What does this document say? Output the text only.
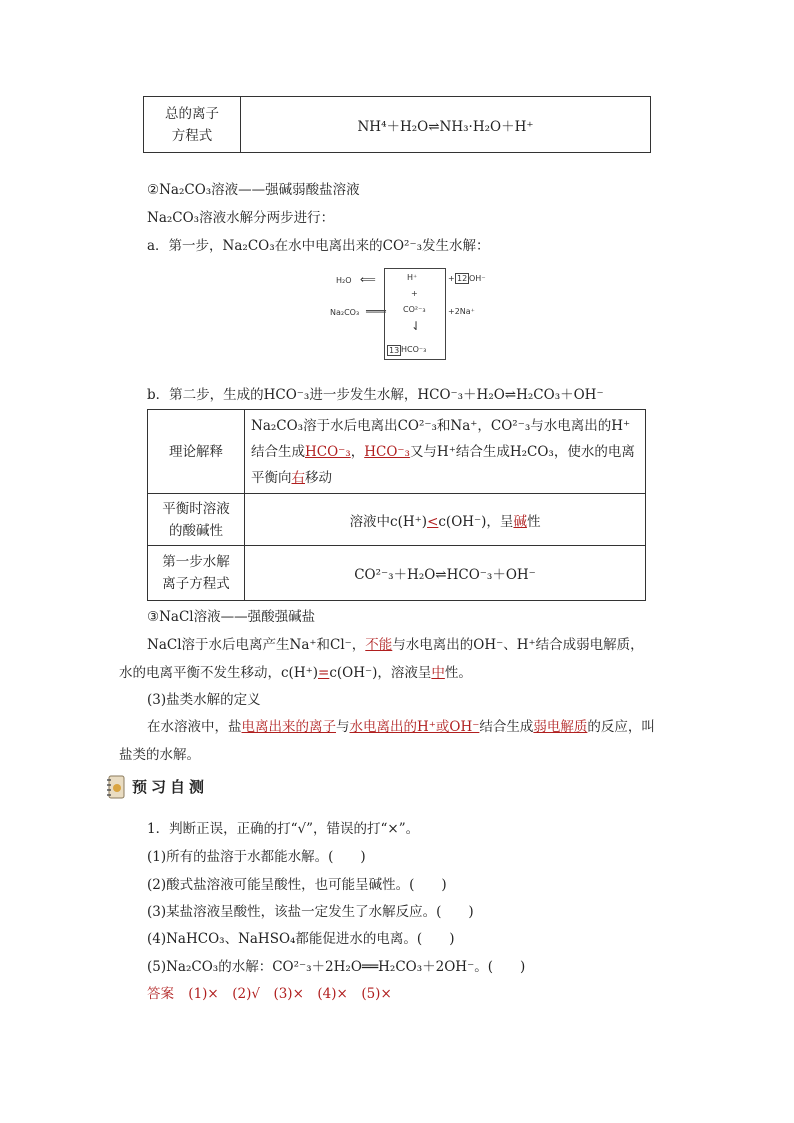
总的离子
方程式
	NH⁴＋H₂O⇌NH₃·H₂O＋H⁺
②Na₂CO₃溶液——强碱弱酸盐溶液
Na₂CO₃溶液水解分两步进行：
a．第一步，Na₂CO₃在水中电离出来的CO²⁻₃发生水解：
H₂O ⟸
Na₂CO₃ ═══
H⁺
+
CO²⁻₃
⇃
13 HCO⁻₃
+ 12 OH⁻
+2Na⁺
b．第二步，生成的HCO⁻₃进一步发生水解，HCO⁻₃＋H₂O⇌H₂CO₃＋OH⁻
理论解释	Na₂CO₃溶于水后电离出CO²⁻₃和Na⁺，CO²⁻₃与水电离出的H⁺
结合生成HCO⁻₃，HCO⁻₃又与H⁺结合生成H₂CO₃，使水的电离
平衡向右移动

平衡时溶液
的酸碱性	溶液中c(H⁺)<c(OH⁻)，呈碱性

第一步水解
离子方程式	CO²⁻₃＋H₂O⇌HCO⁻₃＋OH⁻
③NaCl溶液——强酸强碱盐
NaCl溶于水后电离产生Na⁺和Cl⁻，不能与水电离出的OH⁻、H⁺结合成弱电解质，
水的电离平衡不发生移动，c(H⁺)=c(OH⁻)，溶液呈中性。
(3)盐类水解的定义
在水溶液中，盐电离出来的离子与水电离出的H⁺或OH⁻结合生成弱电解质的反应，叫
盐类的水解。
预习自测
1．判断正误，正确的打“√”，错误的打“×”。
(1)所有的盐溶于水都能水解。(　　)
(2)酸式盐溶液可能呈酸性，也可能呈碱性。(　　)
(3)某盐溶液呈酸性，该盐一定发生了水解反应。(　　)
(4)NaHCO₃、NaHSO₄都能促进水的电离。(　　)
(5)Na₂CO₃的水解：CO²⁻₃＋2H₂O══H₂CO₃＋2OH⁻。(　　)
答案 (1)×　(2)√　(3)×　(4)×　(5)×
